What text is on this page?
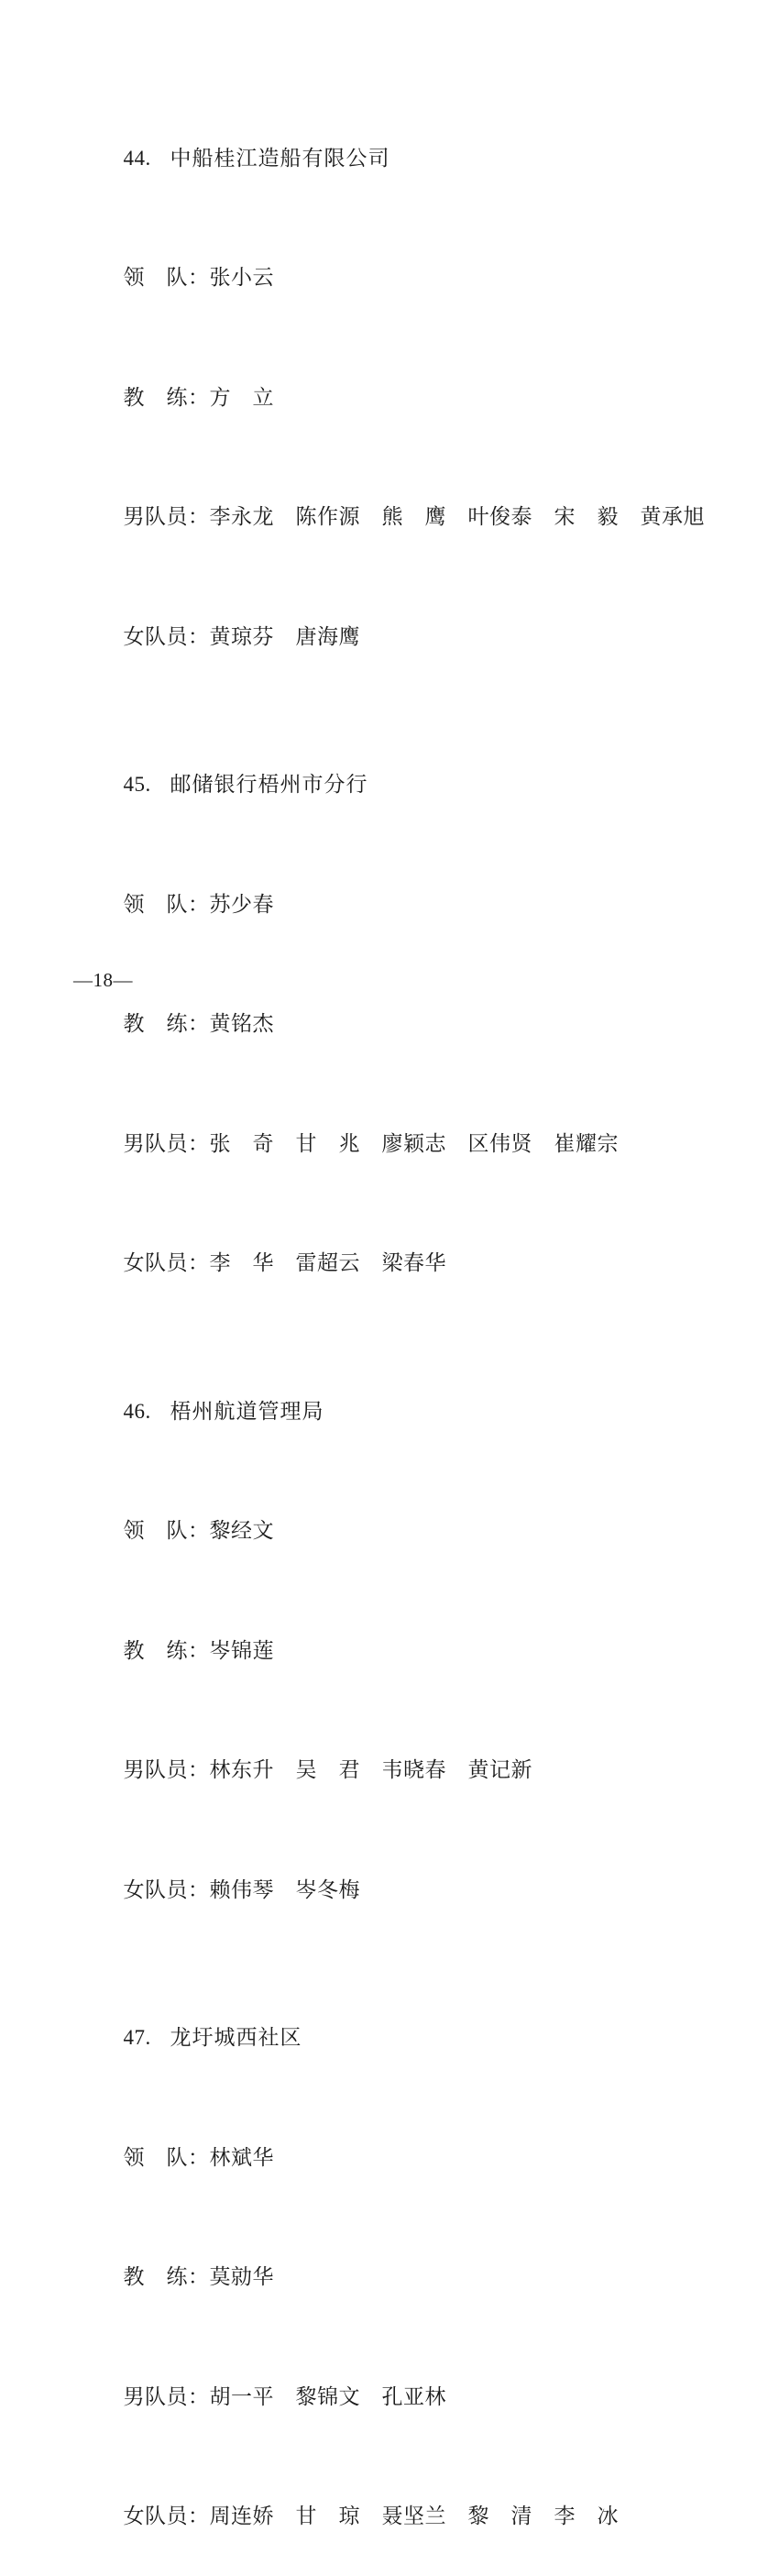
44. 中船桂江造船有限公司

领　队：张小云

教　练：方　立

男队员：李永龙　陈作源　熊　鹰　叶俊泰　宋　毅　黄承旭

女队员：黄琼芬　唐海鹰

45. 邮储银行梧州市分行

领　队：苏少春

教　练：黄铭杰

男队员：张　奇　甘　兆　廖颖志　区伟贤　崔耀宗

女队员：李　华　雷超云　梁春华

46. 梧州航道管理局

领　队：黎经文

教　练：岑锦莲

男队员：林东升　吴　君　韦晓春　黄记新

女队员：赖伟琴　岑冬梅

47. 龙圩城西社区

领　队：林斌华

教　练：莫勍华

男队员：胡一平　黎锦文　孔亚林

女队员：周连娇　甘　琼　聂坚兰　黎　清　李　冰

—18—
